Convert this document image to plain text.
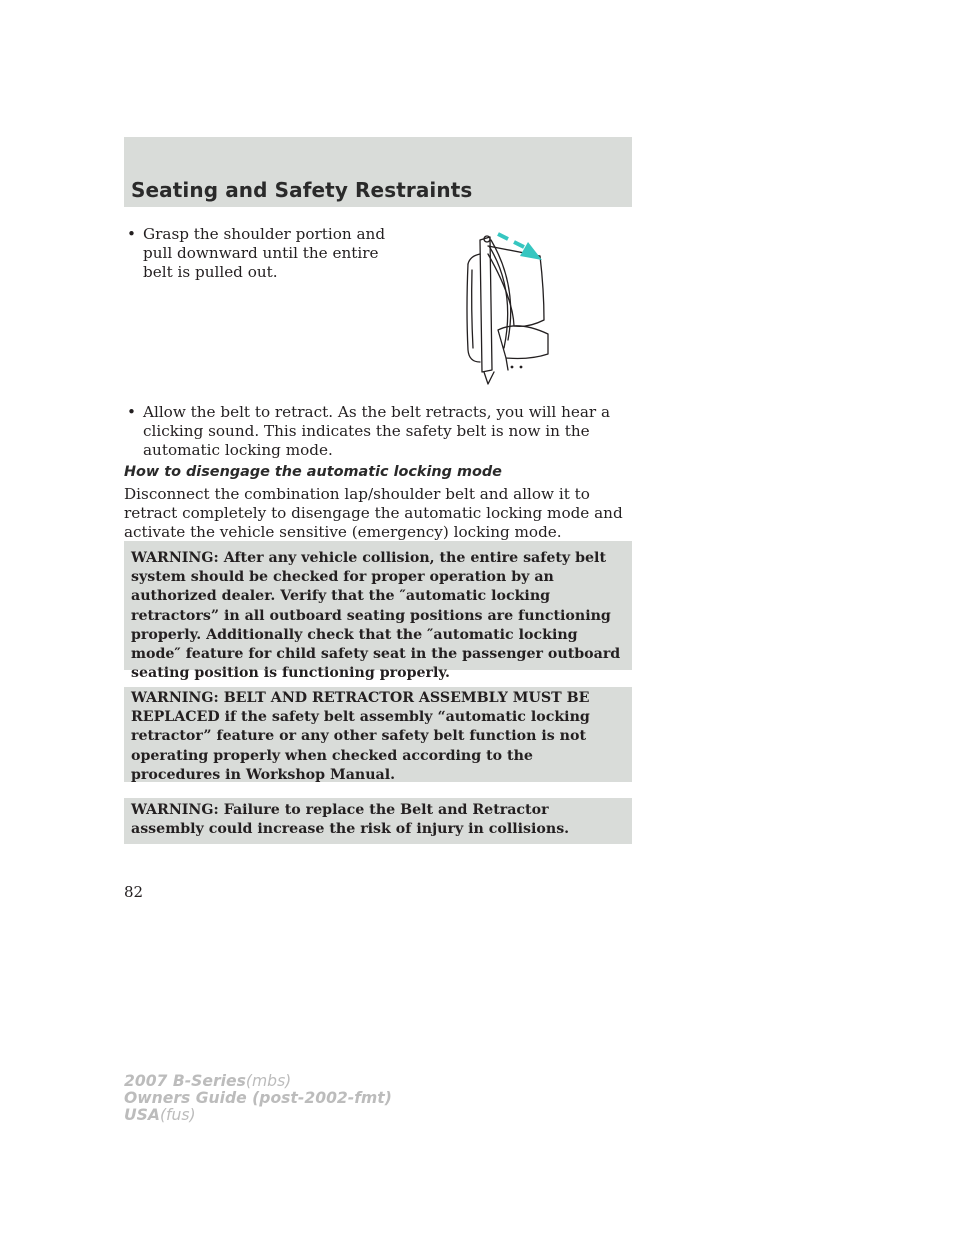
Seating and Safety Restraints
• Grasp the shoulder portion and pull downward until the entire belt is pulled out.
• Allow the belt to retract. As the belt retracts, you will hear a clicking sound. This indicates the safety belt is now in the automatic locking mode.
How to disengage the automatic locking mode

Disconnect the combination lap/shoulder belt and allow it to retract completely to disengage the automatic locking mode and activate the vehicle sensitive (emergency) locking mode.

WARNING: After any vehicle collision, the entire safety belt system should be checked for proper operation by an authorized dealer. Verify that the ″automatic locking retractors” in all outboard seating positions are functioning properly. Additionally check that the ″automatic locking mode″ feature for child safety seat in the passenger outboard seating position is functioning properly.

WARNING: BELT AND RETRACTOR ASSEMBLY MUST BE REPLACED if the safety belt assembly “automatic locking retractor” feature or any other safety belt function is not operating properly when checked according to the procedures in Workshop Manual.

WARNING: Failure to replace the Belt and Retractor assembly could increase the risk of injury in collisions.

82
2007 B-Series(mbs)
Owners Guide (post-2002-fmt)
USA(fus)
